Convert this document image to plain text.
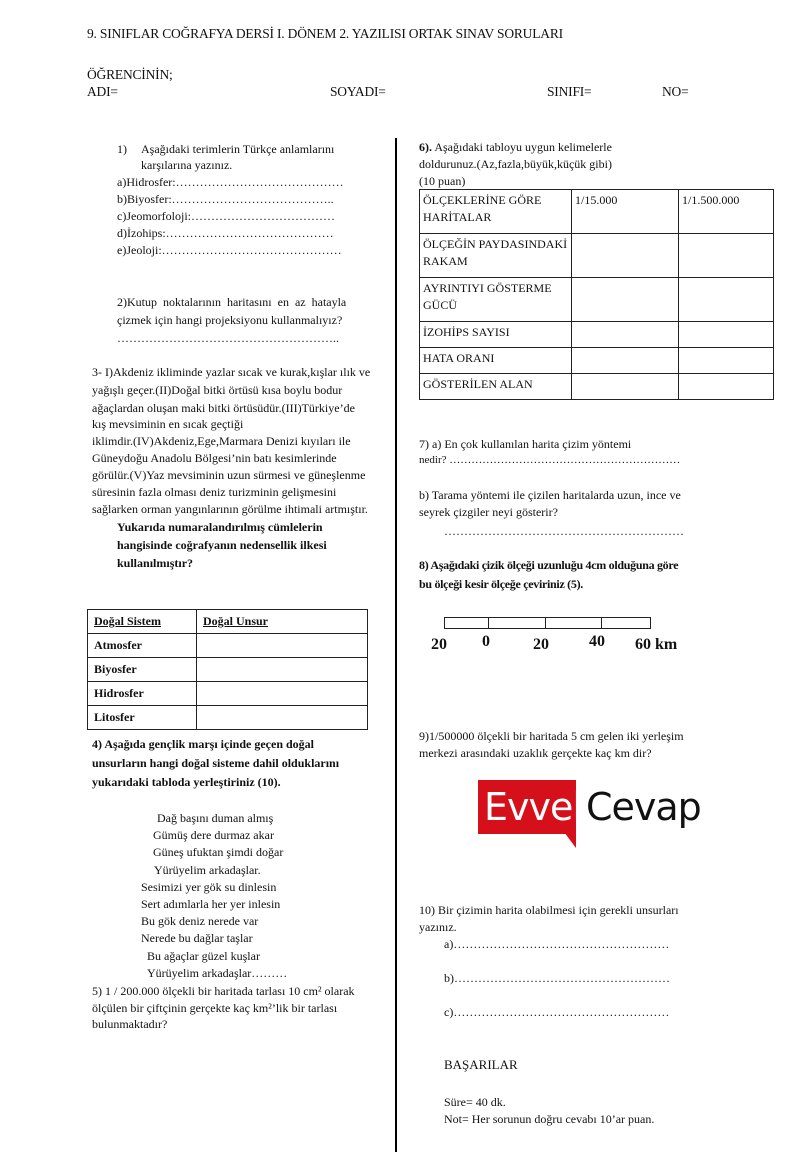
9. SINIFLAR COĞRAFYA DERSİ I. DÖNEM 2. YAZILISI ORTAK SINAV SORULARI
ÖĞRENCİNİN;
ADI=	SOYADI=	SINIFI=	NO=
1) Aşağıdaki terimlerin Türkçe anlamlarını
karşılarına yazınız.
a)Hidrosfer:……………………………………
b)Biyosfer:…………………………………..
c)Jeomorfoloji:………………………………
d)İzohips:……………………………………
e)Jeoloji:………………………………………
2)Kutup noktalarının haritasını en az hatayla
çizmek için hangi projeksiyonu kullanmalıyız?
………………………………………………..
3- I)Akdeniz ikliminde yazlar sıcak ve kurak,kışlar ılık ve
yağışlı geçer.(II)Doğal bitki örtüsü kısa boylu bodur
ağaçlardan oluşan maki bitki örtüsüdür.(III)Türkiye’de
kış mevsiminin en sıcak geçtiği
iklimdir.(IV)Akdeniz,Ege,Marmara Denizi kıyıları ile
Güneydoğu Anadolu Bölgesi’nin batı kesimlerinde
görülür.(V)Yaz mevsiminin uzun sürmesi ve güneşlenme
süresinin fazla olması deniz turizminin gelişmesini
sağlarken orman yangınlarının görülme ihtimali artmıştır.
Yukarıda numaralandırılmış cümlelerin
hangisinde coğrafyanın nedensellik ilkesi
kullanılmıştır?
Doğal Sistem	Doğal Unsur
Atmosfer	
Biyosfer	
Hidrosfer	
Litosfer	
4) Aşağıda gençlik marşı içinde geçen doğal
unsurların hangi doğal sisteme dahil olduklarını
yukarıdaki tabloda yerleştiriniz (10).
Dağ başını duman almış
Gümüş dere durmaz akar
Güneş ufuktan şimdi doğar
Yürüyelim arkadaşlar.
Sesimizi yer gök su dinlesin
Sert adımlarla her yer inlesin
Bu gök deniz nerede var
Nerede bu dağlar taşlar
Bu ağaçlar güzel kuşlar
Yürüyelim arkadaşlar………
5) 1 / 200.000 ölçekli bir haritada tarlası 10 cm² olarak
ölçülen bir çiftçinin gerçekte kaç km²’lik bir tarlası
bulunmaktadır?
6). Aşağıdaki tabloyu uygun kelimelerle
doldurunuz.(Az,fazla,büyük,küçük gibi)
(10 puan)
ÖLÇEKLERİNE GÖRE HARİTALAR	1/15.000	1/1.500.000
ÖLÇEĞİN PAYDASINDAKİ RAKAM		
AYRINTIYI GÖSTERME GÜCÜ		
İZOHİPS SAYISI		
HATA ORANI		
GÖSTERİLEN ALAN		
7) a) En çok kullanılan harita çizim yöntemi
nedir? ………………………………………………………
b) Tarama yöntemi ile çizilen haritalarda uzun, ince ve
seyrek çizgiler neyi gösterir?
……………………………………………………
8) Aşağıdaki çizik ölçeği uzunluğu 4cm olduğuna göre
bu ölçeği kesir ölçeğe çeviriniz (5).
20 0	20	40 60 km
9)1/500000 ölçekli bir haritada 5 cm gelen iki yerleşim
merkezi arasındaki uzaklık gerçekte kaç km dir?
Evvel Cevap
10) Bir çizimin harita olabilmesi için gerekli unsurları
yazınız.
a)………………………………………………
b)………………………………………………
c)………………………………………………
BAŞARILAR
Süre= 40 dk.
Not= Her sorunun doğru cevabı 10’ar puan.
